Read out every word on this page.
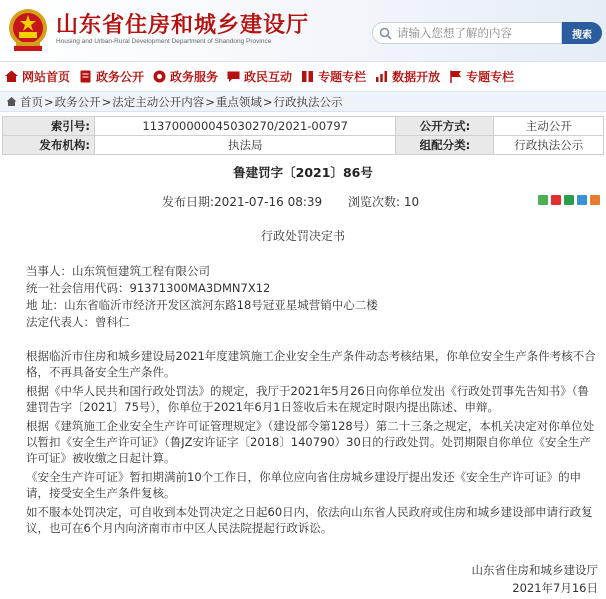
山东省住房和城乡建设厅
Housing and Urban-Rural Development Department of Shandong Province
请输入您想了解的内容
搜索
网站首页 政务公开 政务服务 政民互动 专题专栏 数据开放 专题专栏
首页 > 政务公开 > 法定主动公开内容 > 重点领域 > 行政执法公示
索引号:	113700000045030270/2021-00797	公开方式:	主动公开
发布机构:	执法局	组配分类:	行政执法公示
鲁建罚字〔2021〕86号
发布日期:2021-07-16 08:39 浏览次数: 10
行政处罚决定书
当事人：山东筑恒建筑工程有限公司
统一社会信用代码：91371300MA3DMN7X12
地 址：山东省临沂市经济开发区滨河东路18号冠亚星城营销中心二楼
法定代表人：曾科仁

根据临沂市住房和城乡建设局2021年度建筑施工企业安全生产条件动态考核结果，你单位安全生产条件考核不合格，不再具备安全生产条件。

根据《中华人民共和国行政处罚法》的规定，我厅于2021年5月26日向你单位发出《行政处罚事先告知书》（鲁建罚告字〔2021〕75号），你单位于2021年6月1日签收后未在规定时限内提出陈述、申辩。

根据《建筑施工企业安全生产许可证管理规定》（建设部令第128号）第二十三条之规定，本机关决定对你单位处以暂扣《安全生产许可证》（鲁JZ安许证字〔2018〕140790）30日的行政处罚。处罚期限自你单位《安全生产许可证》被收缴之日起计算。

《安全生产许可证》暂扣期满前10个工作日，你单位应向省住房城乡建设厅提出发还《安全生产许可证》的申请，接受安全生产条件复核。

如不服本处罚决定，可自收到本处罚决定之日起60日内，依法向山东省人民政府或住房和城乡建设部申请行政复议，也可在6个月内向济南市市中区人民法院提起行政诉讼。

山东省住房和城乡建设厅
2021年7月16日
